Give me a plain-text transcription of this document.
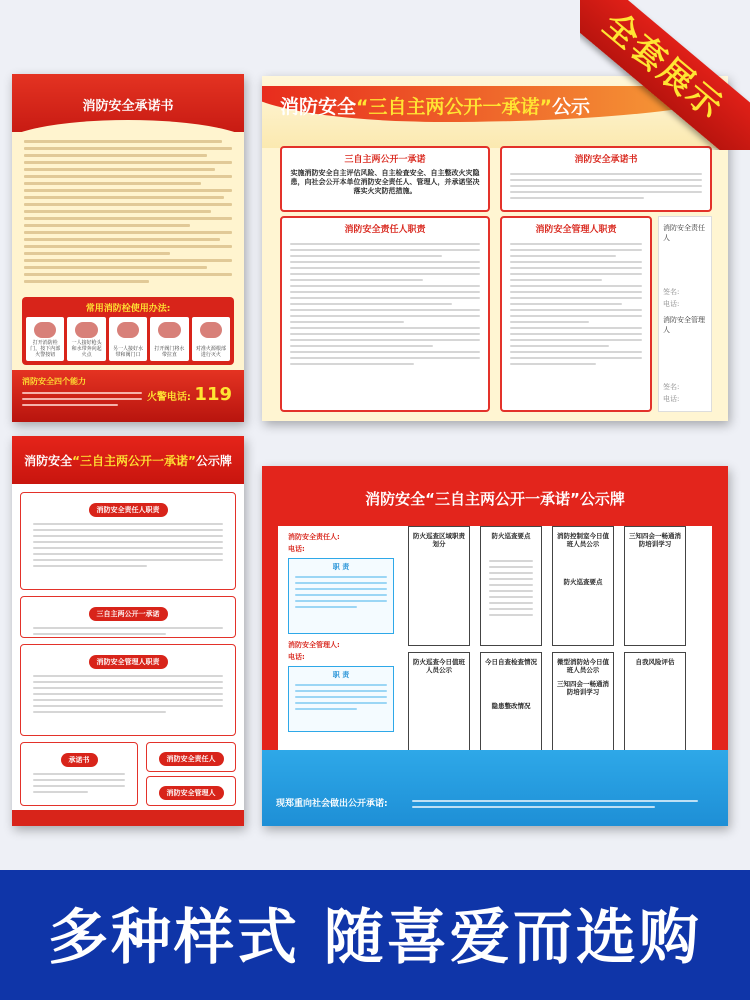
全套展示
消防安全承诺书
常用消防栓使用办法:
打开消防栓门，按下内部火警按钮
一人接好枪头和水带奔向起火点
另一人接好水带和阀门口
打开阀门将水带拉直
对准火源根部进行灭火
消防安全四个能力
火警电话: 119
消防安全“三自主两公开一承诺”公示
三自主两公开一承诺
实施消防安全自主评估风险、自主检查安全、自主整改火灾隐患，向社会公开本单位消防安全责任人、管理人，并承诺坚决落实火灾防范措施。
消防安全承诺书
消防安全责任人职责	消防安全管理人职责	消防安全责任人
签名:
电话:
消防安全管理人
签名:
电话:
消防安全“三自主两公开一承诺”公示牌
消防安全责任人职责
三自主两公开一承诺
消防安全管理人职责
承诺书	消防安全责任人
消防安全管理人
消防安全“三自主两公开一承诺”公示牌
消防安全责任人:
电话:
职 责
消防安全管理人:
电话:
职 责
防火巡查区域职责划分
防火巡查要点	消防控制室今日值班人员公示
防火巡查要点
三知四会一畅通消防培训学习
防火巡查今日值班人员公示
今日自查检查情况
隐患整改情况
微型消防站今日值班人员公示
三知四会一畅通消防培训学习
自我风险评估
现郑重向社会做出公开承诺:
多种样式 随喜爱而选购
